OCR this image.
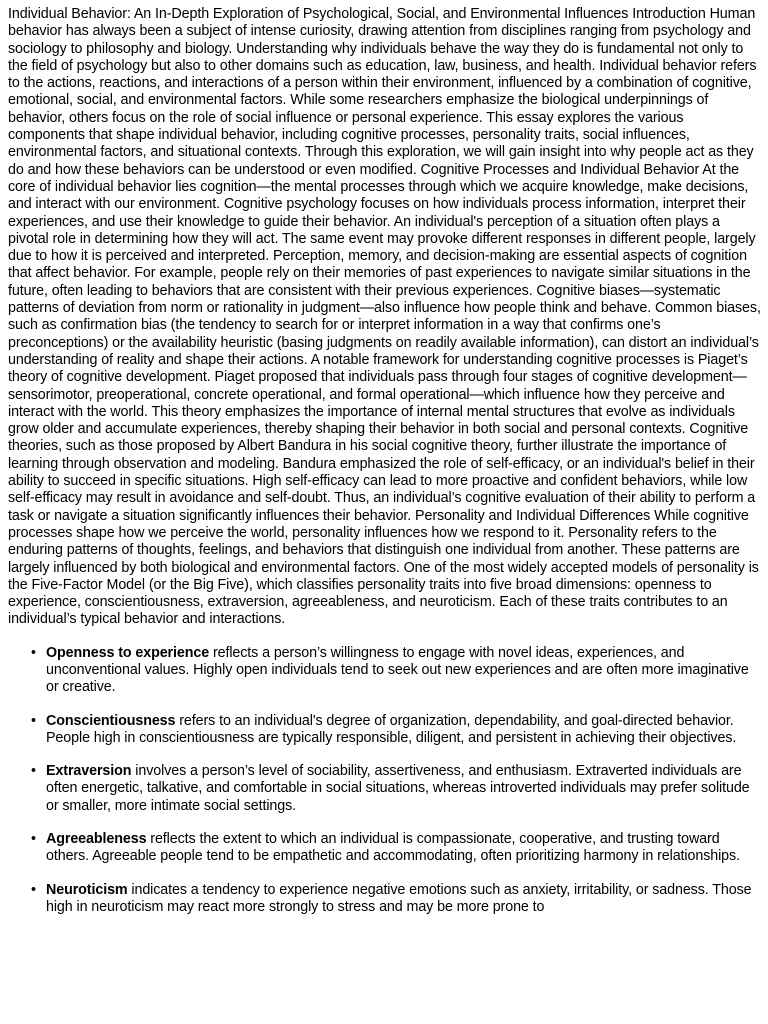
Individual Behavior: An In-Depth Exploration of Psychological, Social, and Environmental Influences Introduction Human behavior has always been a subject of intense curiosity, drawing attention from disciplines ranging from psychology and sociology to philosophy and biology. Understanding why individuals behave the way they do is fundamental not only to the field of psychology but also to other domains such as education, law, business, and health. Individual behavior refers to the actions, reactions, and interactions of a person within their environment, influenced by a combination of cognitive, emotional, social, and environmental factors. While some researchers emphasize the biological underpinnings of behavior, others focus on the role of social influence or personal experience. This essay explores the various components that shape individual behavior, including cognitive processes, personality traits, social influences, environmental factors, and situational contexts. Through this exploration, we will gain insight into why people act as they do and how these behaviors can be understood or even modified. Cognitive Processes and Individual Behavior At the core of individual behavior lies cognition—the mental processes through which we acquire knowledge, make decisions, and interact with our environment. Cognitive psychology focuses on how individuals process information, interpret their experiences, and use their knowledge to guide their behavior. An individual's perception of a situation often plays a pivotal role in determining how they will act. The same event may provoke different responses in different people, largely due to how it is perceived and interpreted. Perception, memory, and decision-making are essential aspects of cognition that affect behavior. For example, people rely on their memories of past experiences to navigate similar situations in the future, often leading to behaviors that are consistent with their previous experiences. Cognitive biases—systematic patterns of deviation from norm or rationality in judgment—also influence how people think and behave. Common biases, such as confirmation bias (the tendency to search for or interpret information in a way that confirms one’s preconceptions) or the availability heuristic (basing judgments on readily available information), can distort an individual’s understanding of reality and shape their actions. A notable framework for understanding cognitive processes is Piaget’s theory of cognitive development. Piaget proposed that individuals pass through four stages of cognitive development—sensorimotor, preoperational, concrete operational, and formal operational—which influence how they perceive and interact with the world. This theory emphasizes the importance of internal mental structures that evolve as individuals grow older and accumulate experiences, thereby shaping their behavior in both social and personal contexts. Cognitive theories, such as those proposed by Albert Bandura in his social cognitive theory, further illustrate the importance of learning through observation and modeling. Bandura emphasized the role of self-efficacy, or an individual's belief in their ability to succeed in specific situations. High self-efficacy can lead to more proactive and confident behaviors, while low self-efficacy may result in avoidance and self-doubt. Thus, an individual’s cognitive evaluation of their ability to perform a task or navigate a situation significantly influences their behavior. Personality and Individual Differences While cognitive processes shape how we perceive the world, personality influences how we respond to it. Personality refers to the enduring patterns of thoughts, feelings, and behaviors that distinguish one individual from another. These patterns are largely influenced by both biological and environmental factors. One of the most widely accepted models of personality is the Five-Factor Model (or the Big Five), which classifies personality traits into five broad dimensions: openness to experience, conscientiousness, extraversion, agreeableness, and neuroticism. Each of these traits contributes to an individual’s typical behavior and interactions.

• Openness to experience reflects a person’s willingness to engage with novel ideas, experiences, and unconventional values. Highly open individuals tend to seek out new experiences and are often more imaginative or creative.
• Conscientiousness refers to an individual's degree of organization, dependability, and goal-directed behavior. People high in conscientiousness are typically responsible, diligent, and persistent in achieving their objectives.
• Extraversion involves a person’s level of sociability, assertiveness, and enthusiasm. Extraverted individuals are often energetic, talkative, and comfortable in social situations, whereas introverted individuals may prefer solitude or smaller, more intimate social settings.
• Agreeableness reflects the extent to which an individual is compassionate, cooperative, and trusting toward others. Agreeable people tend to be empathetic and accommodating, often prioritizing harmony in relationships.
• Neuroticism indicates a tendency to experience negative emotions such as anxiety, irritability, or sadness. Those high in neuroticism may react more strongly to stress and may be more prone to
